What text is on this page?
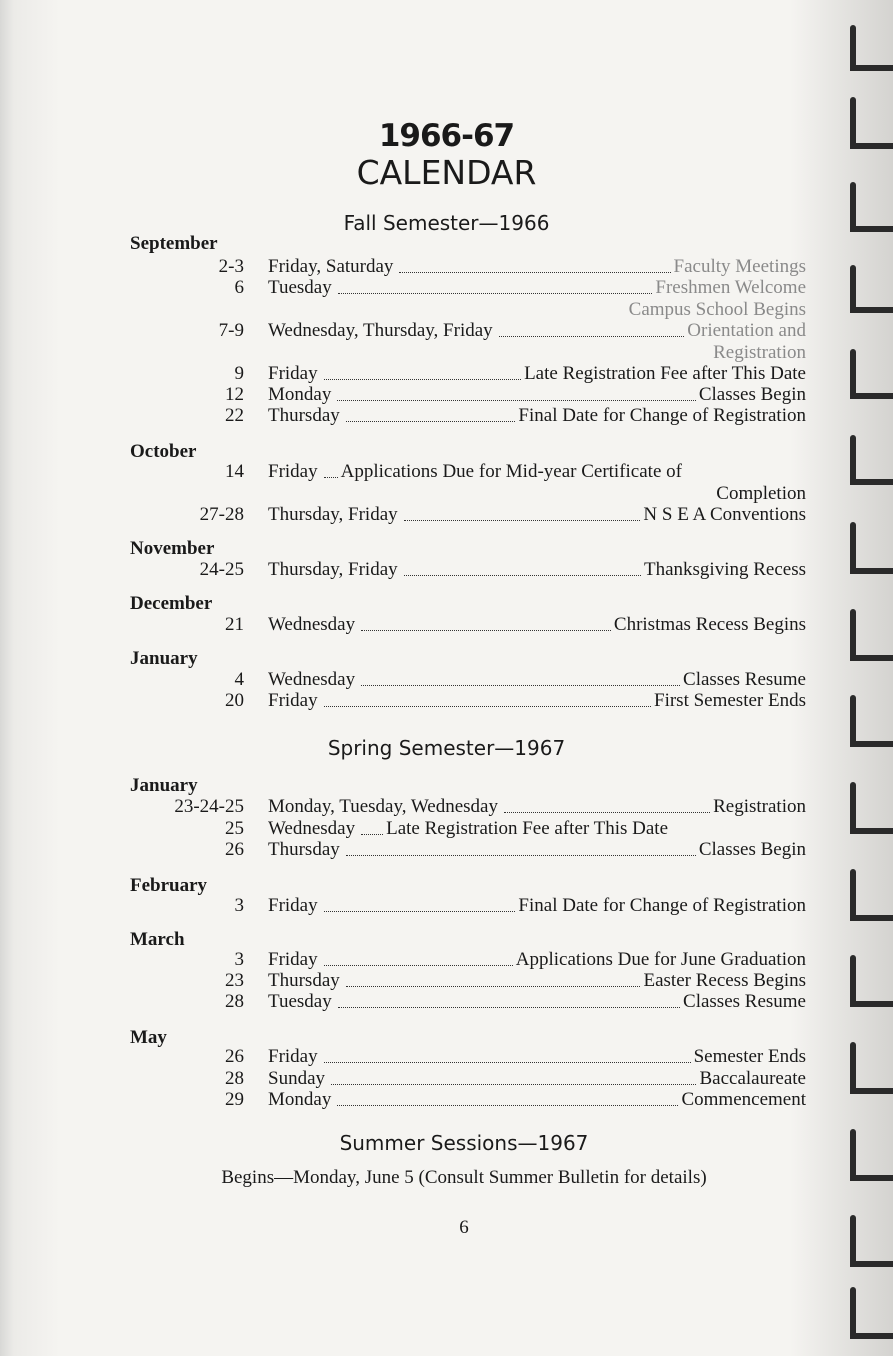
1966-67
CALENDAR
Fall Semester—1966
September
2-3 Friday, Saturday	Faculty Meetings
6 Tuesday	Freshmen Welcome
Campus School Begins
7-9 Wednesday, Thursday, Friday	Orientation and
Registration
9 Friday	Late Registration Fee after This Date
12 Monday	Classes Begin
22 Thursday	Final Date for Change of Registration
October
14 Friday Applications Due for Mid-year Certificate of
Completion
27-28 Thursday, Friday	N S E A Conventions
November
24-25 Thursday, Friday	Thanksgiving Recess
December
21 Wednesday	Christmas Recess Begins
January
4 Wednesday	Classes Resume
20 Friday	First Semester Ends
Spring Semester—1967
January
23-24-25 Monday, Tuesday, Wednesday	Registration
25 Wednesday Late Registration Fee after This Date
26 Thursday	Classes Begin
February
3 Friday	Final Date for Change of Registration
March
3 Friday	Applications Due for June Graduation
23 Thursday	Easter Recess Begins
28 Tuesday	Classes Resume
May
26 Friday	Semester Ends
28 Sunday	Baccalaureate
29 Monday	Commencement
Summer Sessions—1967
Begins—Monday, June 5 (Consult Summer Bulletin for details)
6
